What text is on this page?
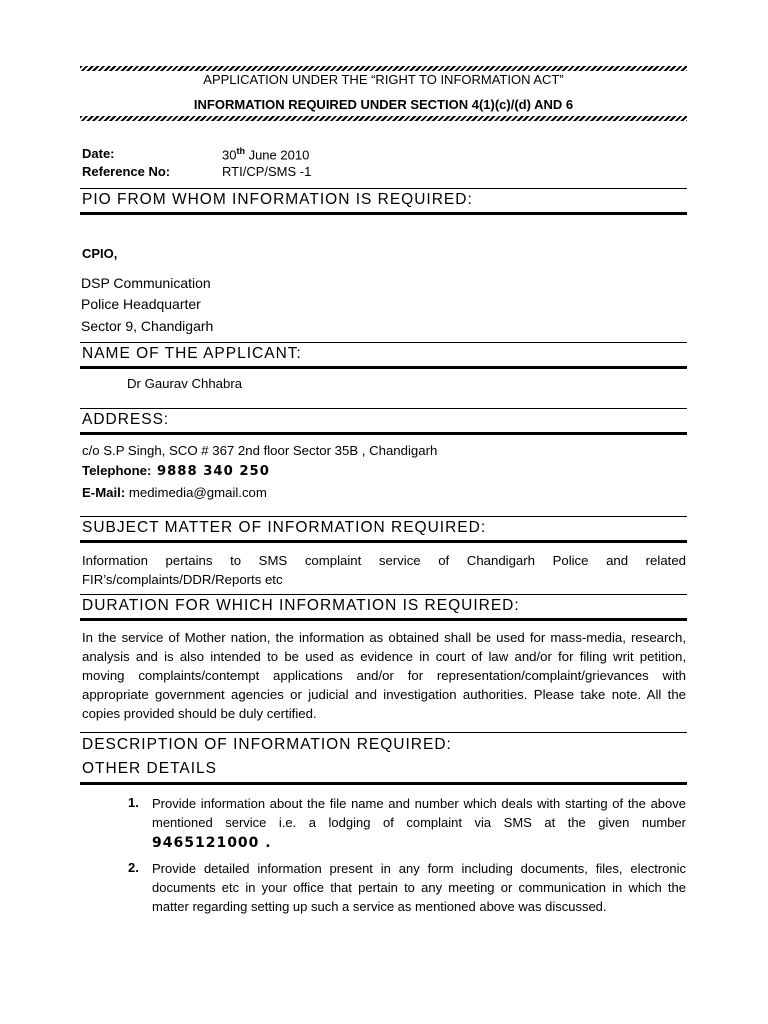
APPLICATION UNDER THE “RIGHT TO INFORMATION ACT”
INFORMATION REQUIRED UNDER SECTION 4(1)(c)/(d) AND 6
Date:	30th June 2010
Reference No:	RTI/CP/SMS -1
PIO FROM WHOM INFORMATION IS REQUIRED:
CPIO,
DSP Communication
Police Headquarter
Sector 9, Chandigarh
NAME OF THE APPLICANT:
Dr Gaurav Chhabra
ADDRESS:
c/o S.P Singh, SCO # 367 2nd floor Sector 35B , Chandigarh
Telephone: 9888 340 250
E-Mail: medimedia@gmail.com
SUBJECT MATTER OF INFORMATION REQUIRED:
Information pertains to SMS complaint service of Chandigarh Police and related FIR’s/complaints/DDR/Reports etc
DURATION FOR WHICH INFORMATION IS REQUIRED:
In the service of Mother nation, the information as obtained shall be used for mass-media, research, analysis and is also intended to be used as evidence in court of law and/or for filing writ petition, moving complaints/contempt applications and/or for representation/complaint/grievances with appropriate government agencies or judicial and investigation authorities. Please take note. All the copies provided should be duly certified.
DESCRIPTION OF INFORMATION REQUIRED:
OTHER DETAILS
1. Provide information about the file name and number which deals with starting of the above mentioned service i.e. a lodging of complaint via SMS at the given number 9465121000 .
2. Provide detailed information present in any form including documents, files, electronic documents etc in your office that pertain to any meeting or communication in which the matter regarding setting up such a service as mentioned above was discussed.
